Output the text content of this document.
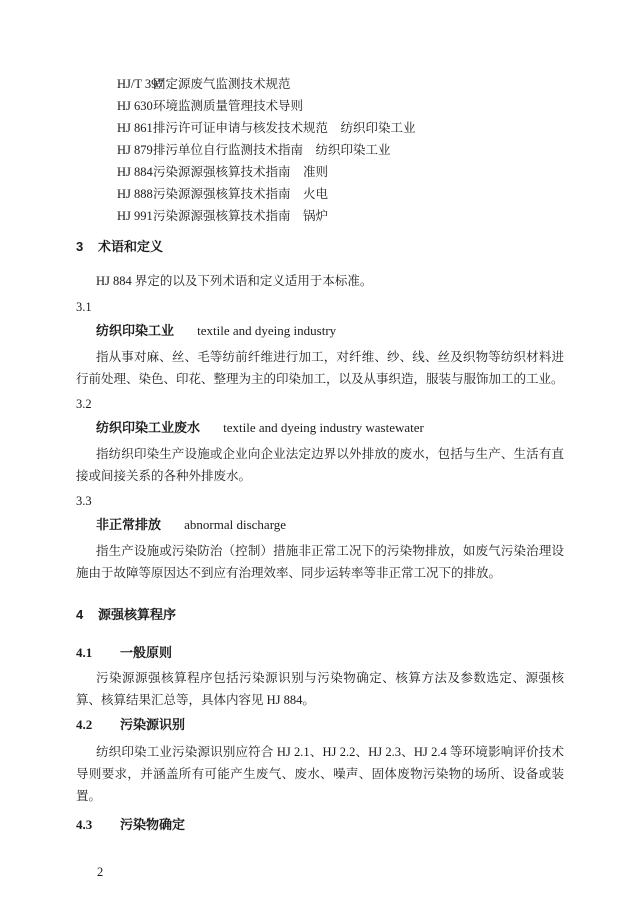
HJ/T 397
固定源废气监测技术规范
HJ 630 环境监测质量管理技术导则
HJ 861 排污许可证申请与核发技术规范　纺织印染工业
HJ 879 排污单位自行监测技术指南　纺织印染工业
HJ 884 污染源源强核算技术指南　准则
HJ 888 污染源源强核算技术指南　火电
HJ 991 污染源源强核算技术指南　锅炉
3	术语和定义

HJ 884 界定的以及下列术语和定义适用于本标准。

3.1

纺织印染工业 textile and dyeing industry

指从事对麻、丝、毛等纺前纤维进行加工，对纤维、纱、线、丝及织物等纺织材料进行前处理、染色、印花、整理为主的印染加工，以及从事织造，服装与服饰加工的工业。

3.2

纺织印染工业废水 textile and dyeing industry wastewater

指纺织印染生产设施或企业向企业法定边界以外排放的废水，包括与生产、生活有直接或间接关系的各种外排废水。

3.3

非正常排放 abnormal discharge

指生产设施或污染防治（控制）措施非正常工况下的污染物排放，如废气污染治理设施由于故障等原因达不到应有治理效率、同步运转率等非正常工况下的排放。

4	源强核算程序
4.1	一般原则

污染源源强核算程序包括污染源识别与污染物确定、核算方法及参数选定、源强核算、核算结果汇总等，具体内容见 HJ 884。

4.2	污染源识别

纺织印染工业污染源识别应符合 HJ 2.1、HJ 2.2、HJ 2.3、HJ 2.4 等环境影响评价技术导则要求，并涵盖所有可能产生废气、废水、噪声、固体废物污染物的场所、设备或装置。

4.3	污染物确定
2
